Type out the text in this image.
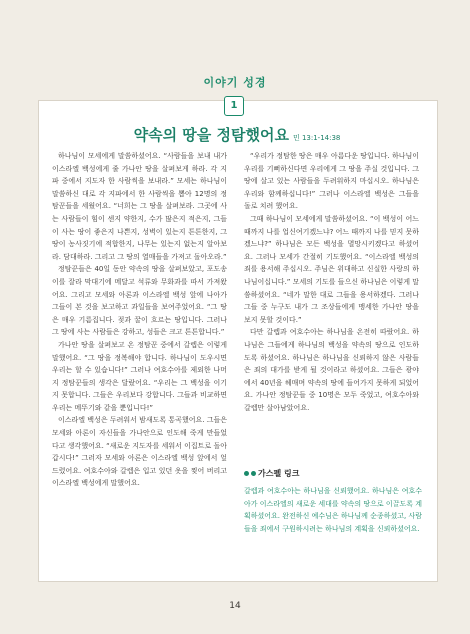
이야기 성경
1
약속의 땅을 정탐했어요 민 13:1-14:38

하나님이 모세에게 말씀하셨어요. “사람들을 보내 내가 이스라엘 백성에게 줄 가나안 땅을 살펴보게 하라. 각 지파 중에서 지도자 한 사람씩을 보내라.” 모세는 하나님이 말씀하신 대로 각 지파에서 한 사람씩을 뽑아 12명의 정탐꾼들을 세웠어요. “너희는 그 땅을 살펴보라. 그곳에 사는 사람들이 힘이 센지 약한지, 수가 많은지 적은지, 그들이 사는 땅이 좋은지 나쁜지, 성벽이 있는지 튼튼한지, 그 땅이 농사짓기에 적합한지, 나무는 있는지 없는지 알아보라. 담대하라. 그리고 그 땅의 열매들을 가져고 돌아오라.”

정탐꾼들은 40일 동안 약속의 땅을 살펴보았고, 포도송이를 잘라 막대기에 메달고 석류와 무화과를 따서 가져왔어요. 그리고 모세와 아론과 이스라엘 백성 앞에 나아가 그들이 본 것을 보고하고 과일들을 보여주었어요. “그 땅은 매우 기름집니다. 젖과 꿀이 흐르는 땅입니다. 그러나 그 땅에 사는 사람들은 강하고, 성들은 크고 튼튼합니다.”

가나안 땅을 살펴보고 온 정탐꾼 중에서 갈렙은 이렇게 말했어요. “그 땅을 정복해야 합니다. 하나님이 도우시면 우리는 할 수 있습니다!” 그러나 여호수아를 제외한 나머지 정탐꾼들의 생각은 달랐어요. “우리는 그 백성을 이기지 못합니다. 그들은 우리보다 강합니다. 그들과 비교하면 우리는 메뚜기와 같을 뿐입니다!”

이스라엘 백성은 두려워서 밤새도록 통곡했어요. 그들은 모세와 아론이 자신들을 가나안으로 인도해 죽게 만들었다고 생각했어요. “새로운 지도자를 세워서 이집트로 돌아갑시다!” 그러자 모세와 아론은 이스라엘 백성 앞에서 엎드렸어요. 여호수아와 갈렙은 입고 있던 옷을 찢어 버리고 이스라엘 백성에게 말했어요.

“우리가 정탐한 땅은 매우 아름다운 땅입니다. 하나님이 우리를 기뻐하신다면 우리에게 그 땅을 주실 것입니다. 그 땅에 살고 있는 사람들을 두려워하지 마십시오. 하나님은 우리와 함께하십니다!” 그러나 이스라엘 백성은 그들을 돌로 치려 했어요.

그때 하나님이 모세에게 말씀하셨어요. “이 백성이 어느 때까지 나를 업신여기겠느냐? 어느 때까지 나를 믿지 못하겠느냐?” 하나님은 모든 백성을 멸망시키겠다고 하셨어요. 그러나 모세가 간절히 기도했어요. “이스라엘 백성의 죄를 용서해 주십시오. 주님은 위대하고 신실한 사랑의 하나님이십니다.” 모세의 기도를 들으신 하나님은 이렇게 말씀하셨어요. “네가 말한 대로 그들을 용서하겠다. 그러나 그들 중 누구도 내가 그 조상들에게 맹세한 가나안 땅을 보지 못할 것이다.”

다만 갈렙과 여호수아는 하나님을 온전히 따랐어요. 하나님은 그들에게 하나님의 백성을 약속의 땅으로 인도하도록 하셨어요. 하나님은 하나님을 신뢰하지 않은 사람들은 죄의 대가를 받게 될 것이라고 하셨어요. 그들은 광야에서 40년을 헤매며 약속의 땅에 들어가지 못하게 되었어요. 가나안 정탐꾼들 중 10명은 모두 죽었고, 여호수아와 갈렙만 살아남았어요.

가스펠 링크
갈렙과 여호수아는 하나님을 신뢰했어요. 하나님은 여호수아가 이스라엘의 새로운 세대를 약속의 땅으로 이끌도록 계획하셨어요. 완전하신 예수님은 하나님께 순종하셨고, 사람들을 죄에서 구원하시려는 하나님의 계획을 신뢰하셨어요.
14
